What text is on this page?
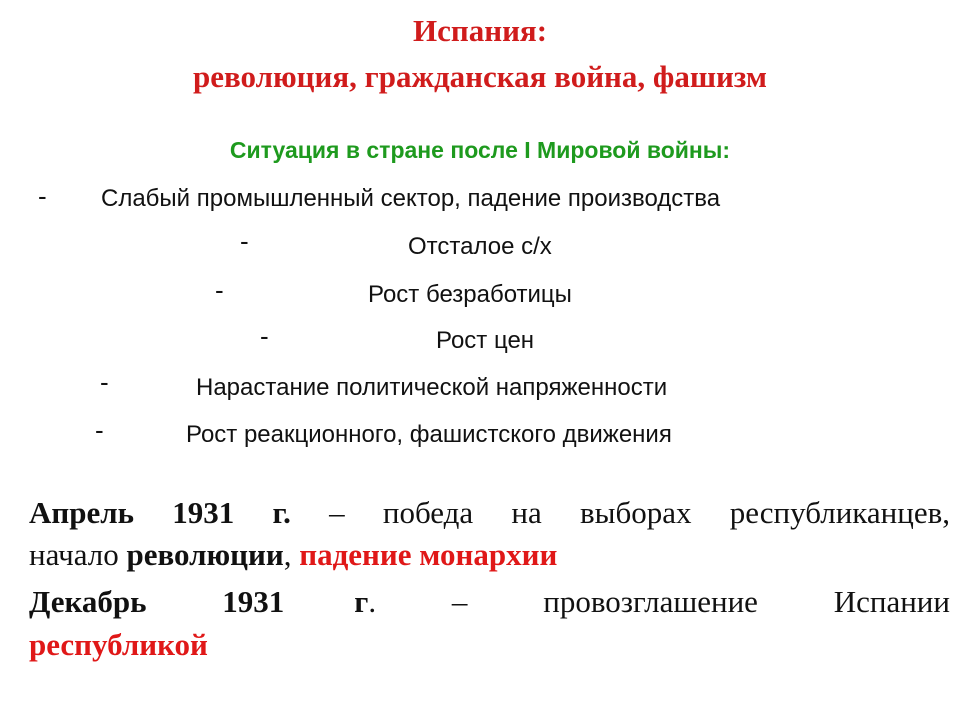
Испания:
революция, гражданская война, фашизм
Ситуация в стране после I Мировой войны:
- Слабый промышленный сектор, падение производства
-	Отсталое с/х
-	Рост безработицы
-	Рост цен
-	Нарастание политической напряженности
-	Рост реакционного, фашистского движения
Апрель 1931 г. – победа на выборах республиканцев,
начало революции, падение монархии
Декабрь 1931 г. – провозглашение Испании
республикой
